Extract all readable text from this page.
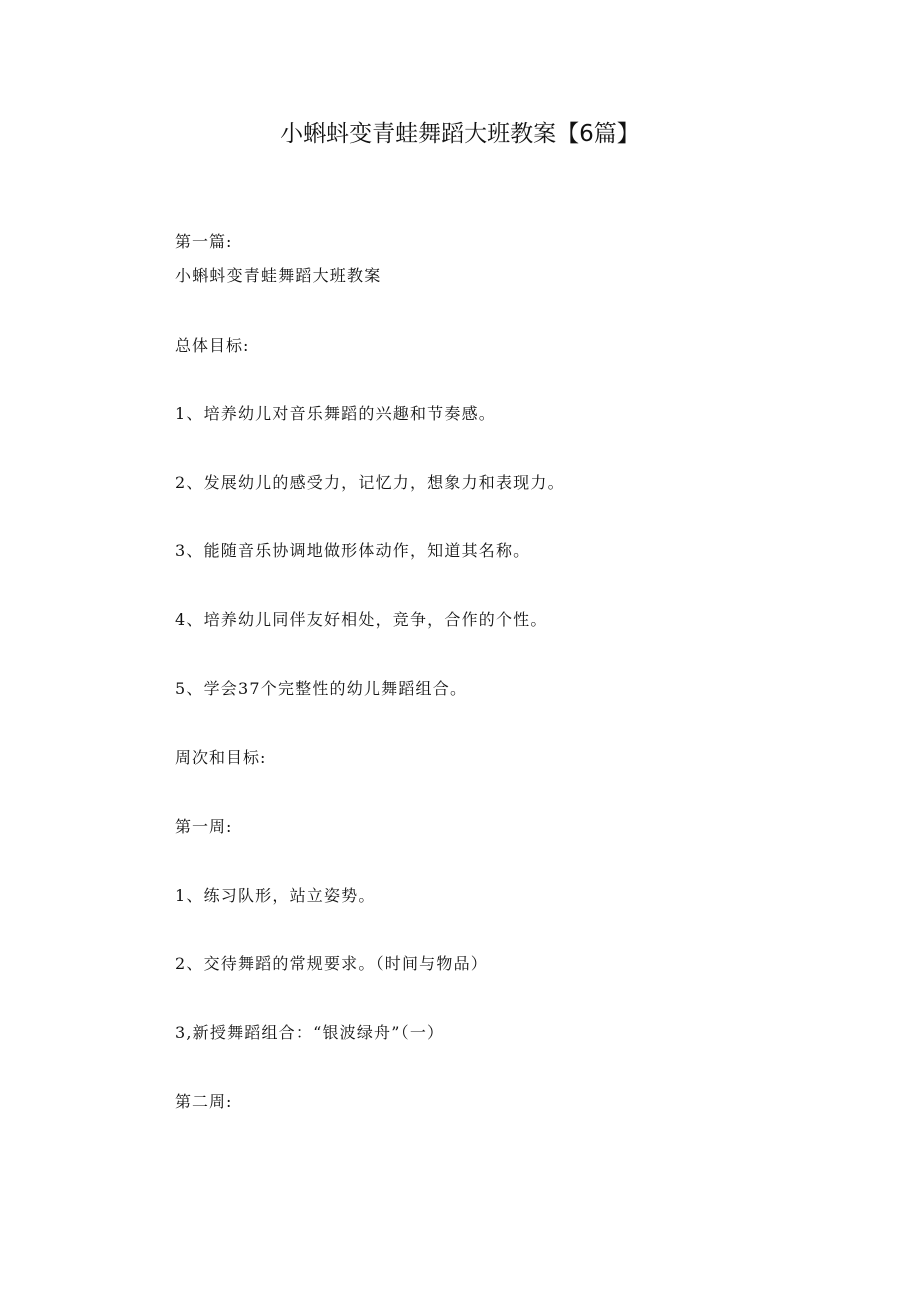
小蝌蚪变青蛙舞蹈大班教案【6篇】
第一篇:
小蝌蚪变青蛙舞蹈大班教案
总体目标:
1、培养幼儿对音乐舞蹈的兴趣和节奏感。
2、发展幼儿的感受力，记忆力，想象力和表现力。
3、能随音乐协调地做形体动作，知道其名称。
4、培养幼儿同伴友好相处，竞争，合作的个性。
5、学会37个完整性的幼儿舞蹈组合。
周次和目标:
第一周:
1、练习队形，站立姿势。
2、交待舞蹈的常规要求。（时间与物品）
3,新授舞蹈组合：“银波绿舟”（一）
第二周:
